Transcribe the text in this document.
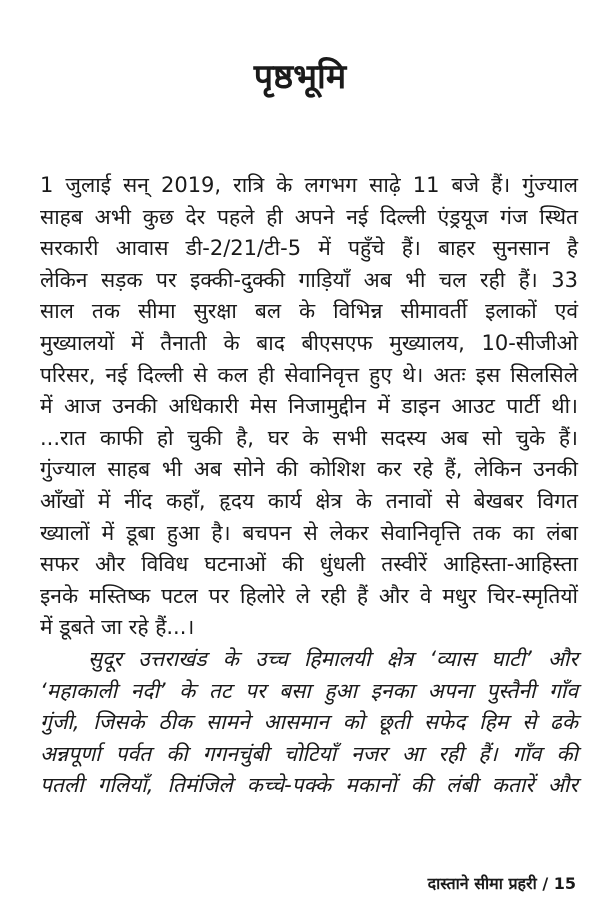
पृष्ठभूमि
1 जुलाई सन् 2019, रात्रि के लगभग साढ़े 11 बजे हैं। गुंज्याल
साहब अभी कुछ देर पहले ही अपने नई दिल्ली एंड्रयूज गंज स्थित
सरकारी आवास डी-2/21/टी-5 में पहुँचे हैं। बाहर सुनसान है
लेकिन सड़क पर इक्की-दुक्की गाड़ियाँ अब भी चल रही हैं। 33
साल तक सीमा सुरक्षा बल के विभिन्न सीमावर्ती इलाकों एवं
मुख्यालयों में तैनाती के बाद बीएसएफ मुख्यालय, 10-सीजीओ
परिसर, नई दिल्ली से कल ही सेवानिवृत्त हुए थे। अतः इस सिलसिले
में आज उनकी अधिकारी मेस निजामुद्दीन में डाइन आउट पार्टी थी।
...रात काफी हो चुकी है, घर के सभी सदस्य अब सो चुके हैं।
गुंज्याल साहब भी अब सोने की कोशिश कर रहे हैं, लेकिन उनकी
आँखों में नींद कहाँ, हृदय कार्य क्षेत्र के तनावों से बेखबर विगत
ख्यालों में डूबा हुआ है। बचपन से लेकर सेवानिवृत्ति तक का लंबा
सफर और विविध घटनाओं की धुंधली तस्वीरें आहिस्ता-आहिस्ता
इनके मस्तिष्क पटल पर हिलोरे ले रही हैं और वे मधुर चिर-स्मृतियों
में डूबते जा रहे हैं...।
सुदूर उत्तराखंड के उच्च हिमालयी क्षेत्र ‘व्यास घाटी’ और
‘महाकाली नदी’ के तट पर बसा हुआ इनका अपना पुस्तैनी गाँव
गुंजी, जिसके ठीक सामने आसमान को छूती सफेद हिम से ढके
अन्नपूर्णा पर्वत की गगनचुंबी चोटियाँ नजर आ रही हैं। गाँव की
पतली गलियाँ, तिमंजिले कच्चे-पक्के मकानों की लंबी कतारें और
दास्ताने सीमा प्रहरी / 15
